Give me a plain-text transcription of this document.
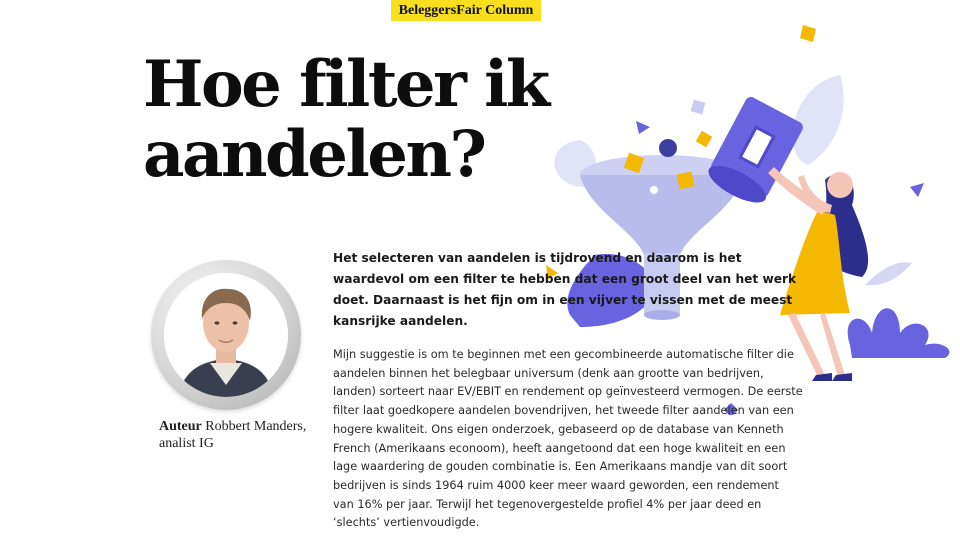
BeleggersFair Column
Hoe filter ik
aandelen?

Auteur Robbert Manders, analist IG

Het selecteren van aandelen is tijdrovend en daarom is het waardevol om een filter te hebben dat een groot deel van het werk doet. Daarnaast is het fijn om in een vijver te vissen met de meest kansrijke aandelen.

Mijn suggestie is om te beginnen met een gecombineerde automatische filter die aandelen binnen het belegbaar universum (denk aan grootte van bedrijven, landen) sorteert naar EV/EBIT en rendement op geïnvesteerd vermogen. De eerste filter laat goedkopere aandelen bovendrijven, het tweede filter aandelen van een hogere kwaliteit. Ons eigen onderzoek, gebaseerd op de database van Kenneth French (Amerikaans econoom), heeft aangetoond dat een hoge kwaliteit en een lage waardering de gouden combinatie is. Een Amerikaans mandje van dit soort bedrijven is sinds 1964 ruim 4000 keer meer waard geworden, een rendement van 16% per jaar. Terwijl het tegenovergestelde profiel 4% per jaar deed en ‘slechts’ vertienvoudigde.
